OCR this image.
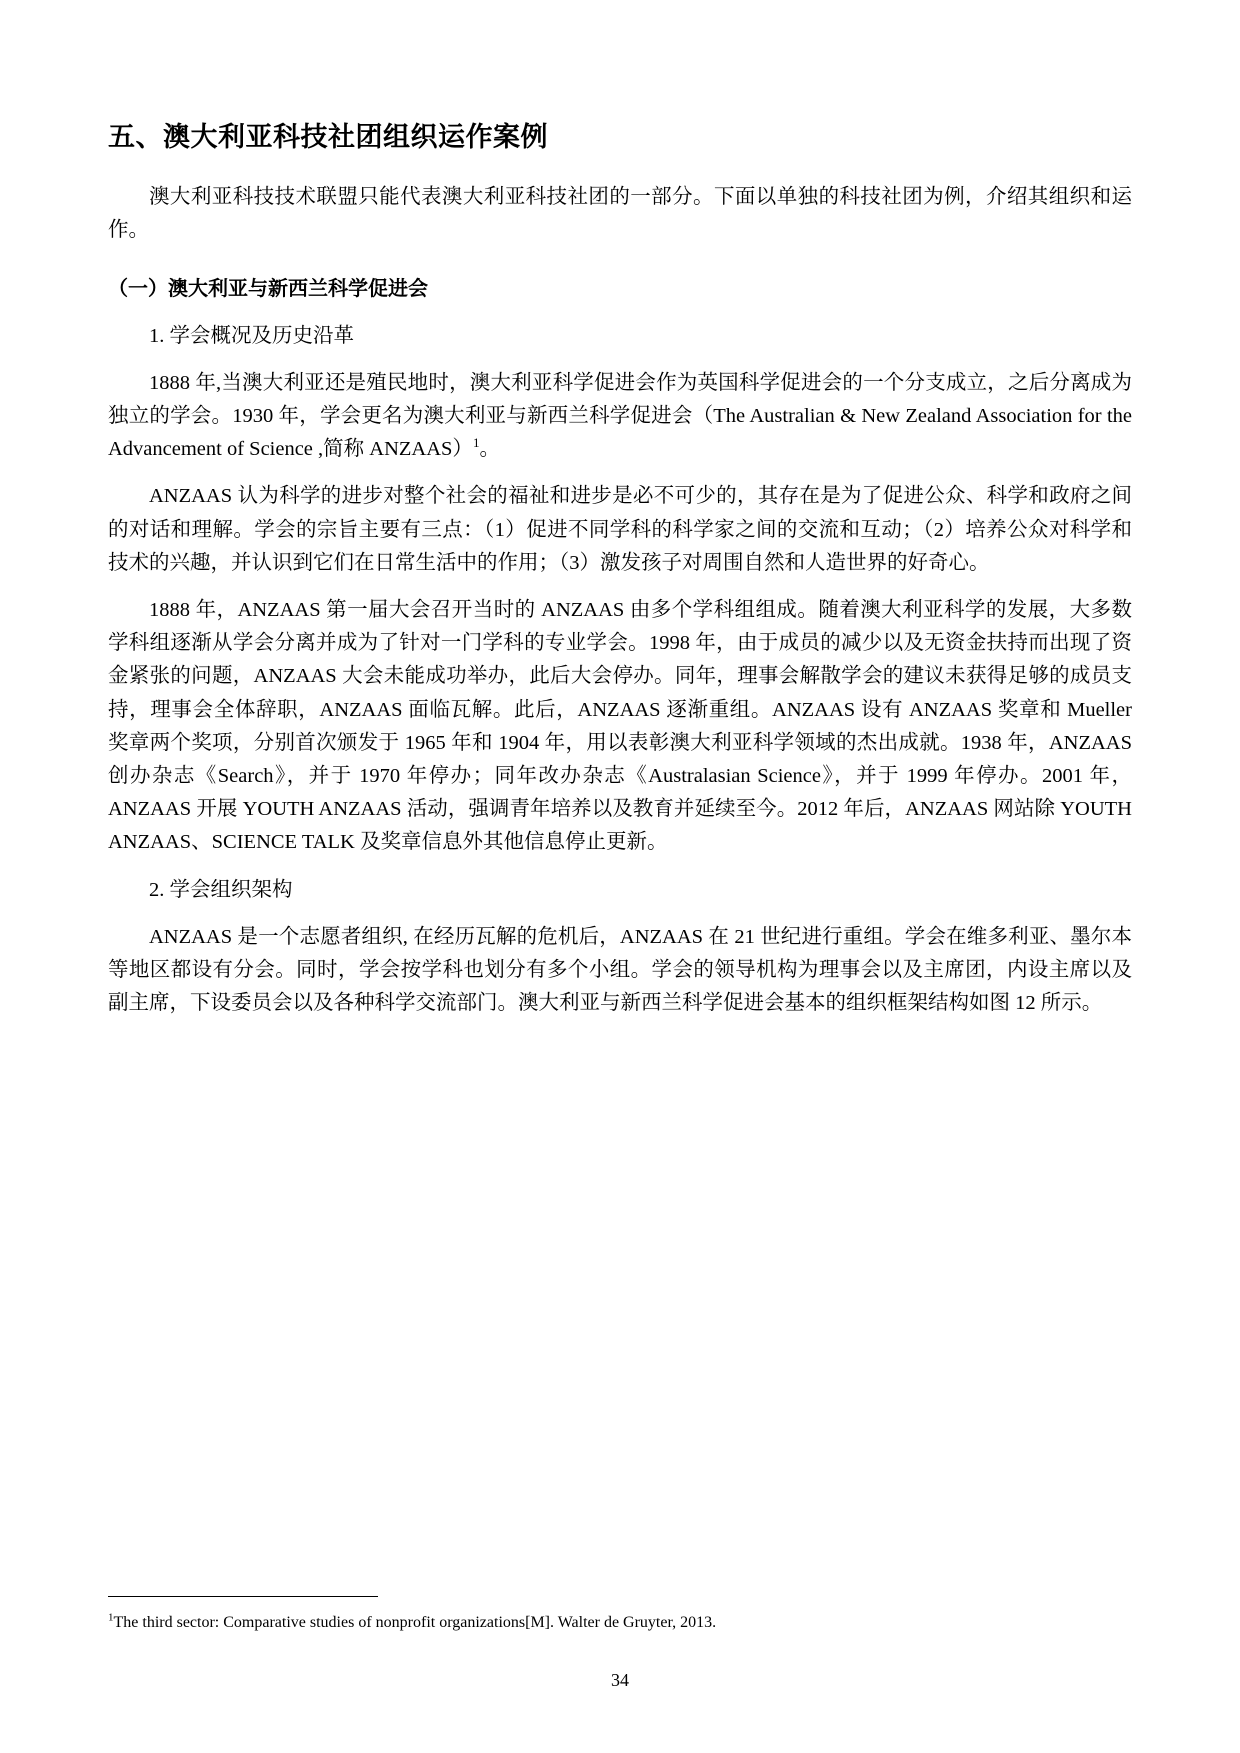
五、澳大利亚科技社团组织运作案例

澳大利亚科技技术联盟只能代表澳大利亚科技社团的一部分。下面以单独的科技社团为例，介绍其组织和运作。

（一）澳大利亚与新西兰科学促进会

1. 学会概况及历史沿革

1888 年,当澳大利亚还是殖民地时，澳大利亚科学促进会作为英国科学促进会的一个分支成立，之后分离成为独立的学会。1930 年，学会更名为澳大利亚与新西兰科学促进会（The Australian & New Zealand Association for the Advancement of Science ,简称 ANZAAS）$^1$。

ANZAAS 认为科学的进步对整个社会的福祉和进步是必不可少的，其存在是为了促进公众、科学和政府之间的对话和理解。学会的宗旨主要有三点：（1）促进不同学科的科学家之间的交流和互动；（2）培养公众对科学和技术的兴趣，并认识到它们在日常生活中的作用；（3）激发孩子对周围自然和人造世界的好奇心。

1888 年，ANZAAS 第一届大会召开当时的 ANZAAS 由多个学科组组成。随着澳大利亚科学的发展，大多数学科组逐渐从学会分离并成为了针对一门学科的专业学会。1998 年，由于成员的减少以及无资金扶持而出现了资金紧张的问题，ANZAAS 大会未能成功举办，此后大会停办。同年，理事会解散学会的建议未获得足够的成员支持，理事会全体辞职，ANZAAS 面临瓦解。此后，ANZAAS 逐渐重组。ANZAAS 设有 ANZAAS 奖章和 Mueller 奖章两个奖项，分别首次颁发于 1965 年和 1904 年，用以表彰澳大利亚科学领域的杰出成就。1938 年，ANZAAS 创办杂志《Search》，并于 1970 年停办；同年改办杂志《Australasian Science》，并于 1999 年停办。2001 年，ANZAAS 开展 YOUTH ANZAAS 活动，强调青年培养以及教育并延续至今。2012 年后，ANZAAS 网站除 YOUTH ANZAAS、SCIENCE TALK 及奖章信息外其他信息停止更新。

2. 学会组织架构

ANZAAS 是一个志愿者组织, 在经历瓦解的危机后，ANZAAS 在 21 世纪进行重组。学会在维多利亚、墨尔本等地区都设有分会。同时，学会按学科也划分有多个小组。学会的领导机构为理事会以及主席团，内设主席以及副主席，下设委员会以及各种科学交流部门。澳大利亚与新西兰科学促进会基本的组织框架结构如图 12 所示。

$^1$The third sector: Comparative studies of nonprofit organizations[M]. Walter de Gruyter, 2013.

34
